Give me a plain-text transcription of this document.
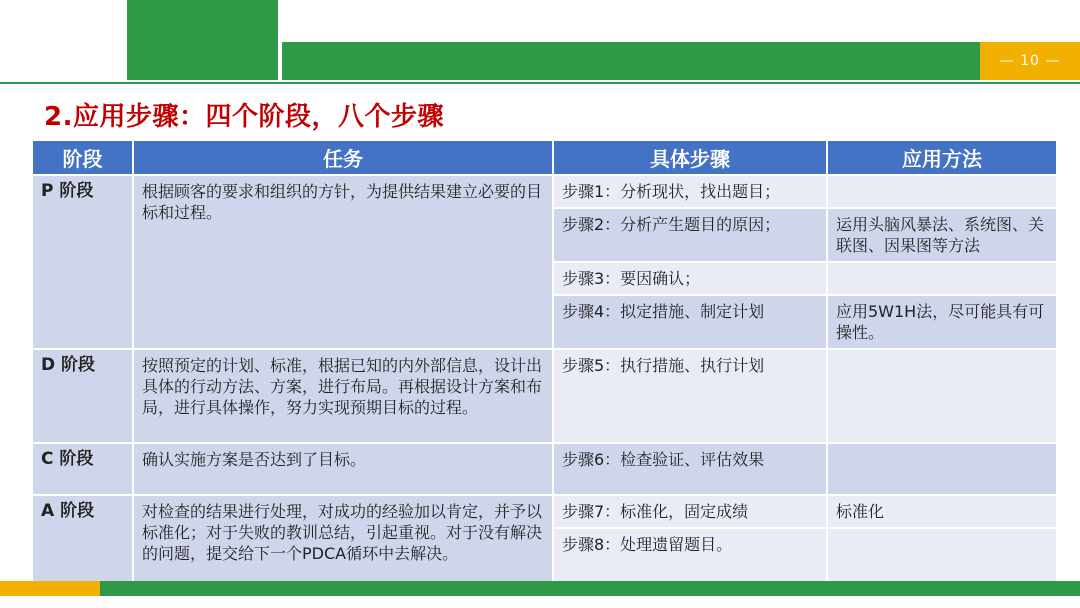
— 10 —
2.应用步骤：四个阶段，八个步骤
阶段	任务	具体步骤	应用方法
P 阶段	根据顾客的要求和组织的方针，为提供结果建立必要的目标和过程。	步骤1：分析现状，找出题目；	
		步骤2：分析产生题目的原因；	运用头脑风暴法、系统图、关联图、因果图等方法
		步骤3：要因确认；	
		步骤4：拟定措施、制定计划	应用5W1H法，尽可能具有可操性。
D 阶段	按照预定的计划、标准，根据已知的内外部信息，设计出具体的行动方法、方案，进行布局。再根据设计方案和布局，进行具体操作，努力实现预期目标的过程。	步骤5：执行措施、执行计划	
C 阶段	确认实施方案是否达到了目标。	步骤6：检查验证、评估效果	
A 阶段	对检查的结果进行处理，对成功的经验加以肯定，并予以标准化；对于失败的教训总结，引起重视。对于没有解决的问题，提交给下一个PDCA循环中去解决。	步骤7：标准化，固定成绩	标准化
		步骤8：处理遗留题目。	
